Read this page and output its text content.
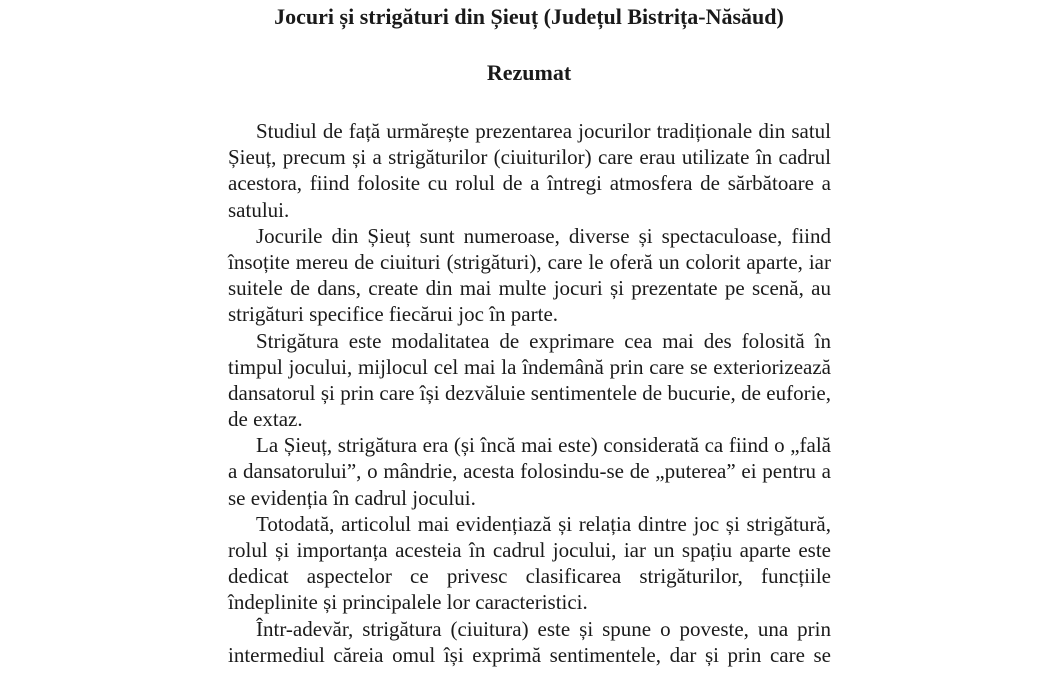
Jocuri și strigături din Șieuț (Județul Bistrița-Năsăud)
Rezumat
Studiul de față urmărește prezentarea jocurilor tradiționale din satul
Șieuț, precum și a strigăturilor (ciuiturilor) care erau utilizate în cadrul
acestora, fiind folosite cu rolul de a întregi atmosfera de sărbătoare a
satului.
Jocurile din Șieuț sunt numeroase, diverse și spectaculoase, fiind
însoțite mereu de ciuituri (strigături), care le oferă un colorit aparte, iar
suitele de dans, create din mai multe jocuri și prezentate pe scenă, au
strigături specifice fiecărui joc în parte.
Strigătura este modalitatea de exprimare cea mai des folosită în
timpul jocului, mijlocul cel mai la îndemână prin care se exteriorizează
dansatorul și prin care își dezvăluie sentimentele de bucurie, de euforie,
de extaz.
La Șieuț, strigătura era (și încă mai este) considerată ca fiind o „fală
a dansatorului”, o mândrie, acesta folosindu-se de „puterea” ei pentru a
se evidenția în cadrul jocului.
Totodată, articolul mai evidențiază și relația dintre joc și strigătură,
rolul și importanța acesteia în cadrul jocului, iar un spațiu aparte este
dedicat aspectelor ce privesc clasificarea strigăturilor, funcțiile
îndeplinite și principalele lor caracteristici.
Într-adevăr, strigătura (ciuitura) este și spune o poveste, una prin
intermediul căreia omul își exprimă sentimentele, dar și prin care se
